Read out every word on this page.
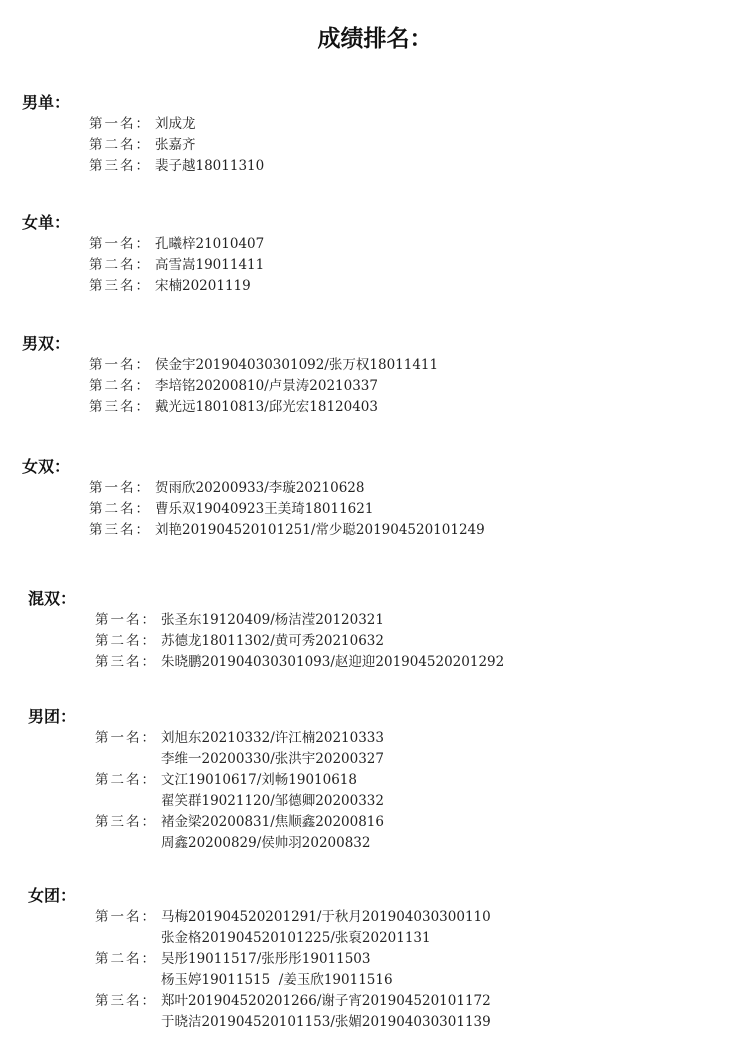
成绩排名：
男单：
第一名： 刘成龙
第二名： 张嘉齐
第三名： 裴子越18011310
女单：
第一名： 孔曦梓21010407
第二名： 高雪嵩19011411
第三名： 宋楠20201119
男双：
第一名： 侯金宇201904030301092/张万权18011411
第二名： 李培铭20200810/卢景涛20210337
第三名： 戴光远18010813/邱光宏18120403
女双：
第一名： 贺雨欣20200933/李璇20210628
第二名： 曹乐双19040923王美琦18011621
第三名： 刘艳201904520101251/常少聪201904520101249
混双：
第一名： 张圣东19120409/杨洁滢20120321
第二名： 苏德龙18011302/黄可秀20210632
第三名： 朱晓鹏201904030301093/赵迎迎201904520201292
男团：
第一名： 刘旭东20210332/许江楠20210333
李维一20200330/张洪宇20200327
第二名： 文江19010617/刘畅19010618
翟笑群19021120/邹德卿20200332
第三名： 褚金梁20200831/焦顺鑫20200816
周鑫20200829/侯帅羽20200832
女团：
第一名： 马梅201904520201291/于秋月201904030300110
张金格201904520101225/张裒20201131
第二名： 吴彤19011517/张彤彤19011503
杨玉婷19011515  /姜玉欣19011516
第三名： 郑叶201904520201266/谢子宵201904520101172
于晓洁201904520101153/张媚201904030301139
